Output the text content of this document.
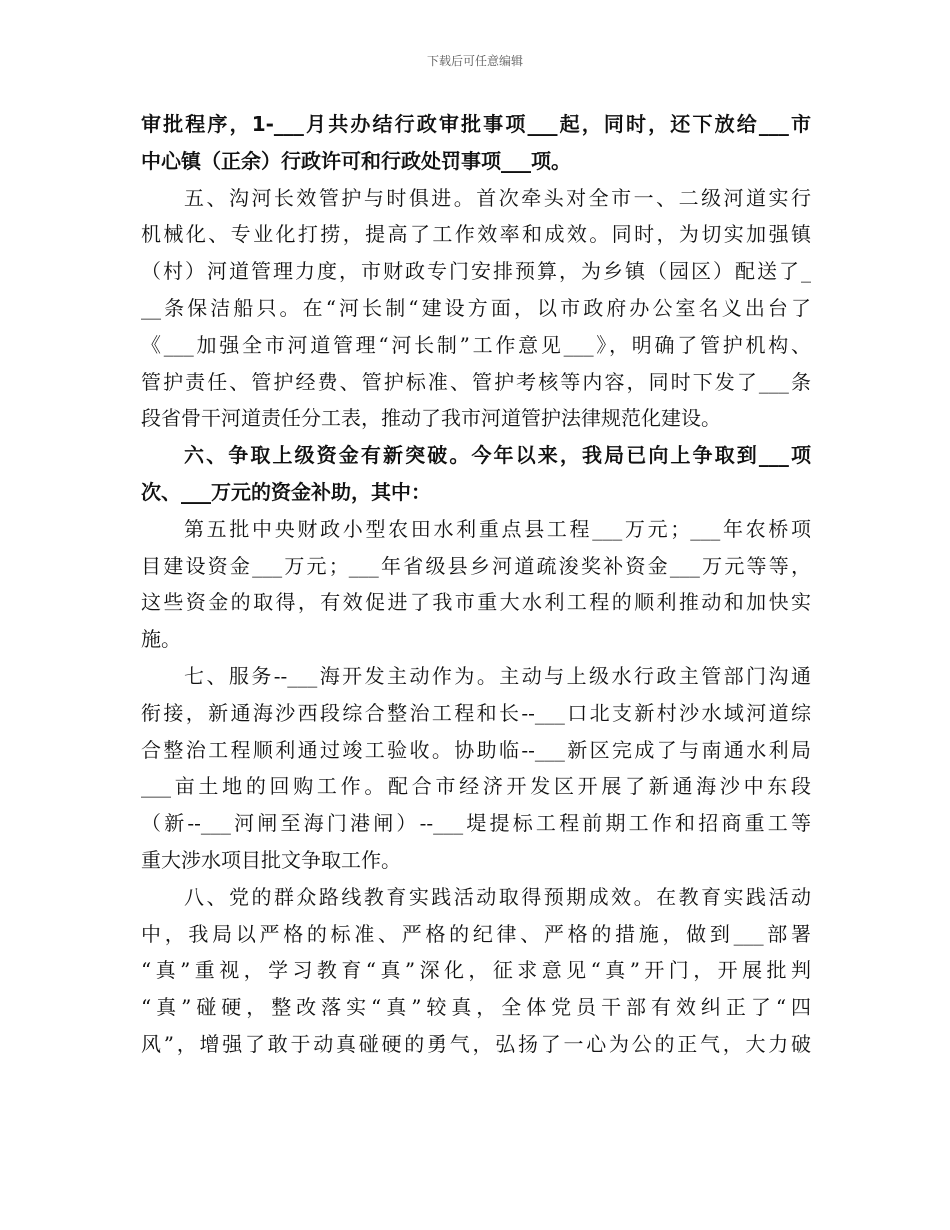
下载后可任意编辑
审批程序，1-___月共办结行政审批事项___起，同时，还下放给___市
中心镇（正余）行政许可和行政处罚事项___项。
五、沟河长效管护与时俱进。首次牵头对全市一、二级河道实行
机械化、专业化打捞，提高了工作效率和成效。同时，为切实加强镇
（村）河道管理力度，市财政专门安排预算，为乡镇（园区）配送了_
__条保洁船只。在“河长制“建设方面，以市政府办公室名义出台了
《___加强全市河道管理“河长制”工作意见___》，明确了管护机构、
管护责任、管护经费、管护标准、管护考核等内容，同时下发了___条
段省骨干河道责任分工表，推动了我市河道管护法律规范化建设。
六、争取上级资金有新突破。今年以来，我局已向上争取到___项
次、___万元的资金补助，其中：
第五批中央财政小型农田水利重点县工程___万元；___年农桥项
目建设资金___万元；___年省级县乡河道疏浚奖补资金___万元等等，
这些资金的取得，有效促进了我市重大水利工程的顺利推动和加快实
施。
七、服务--___海开发主动作为。主动与上级水行政主管部门沟通
衔接，新通海沙西段综合整治工程和长--___口北支新村沙水域河道综
合整治工程顺利通过竣工验收。协助临--___新区完成了与南通水利局
___亩土地的回购工作。配合市经济开发区开展了新通海沙中东段
（新--___河闸至海门港闸）--___堤提标工程前期工作和招商重工等
重大涉水项目批文争取工作。
八、党的群众路线教育实践活动取得预期成效。在教育实践活动
中，我局以严格的标准、严格的纪律、严格的措施，做到___部署
“真”重视，学习教育“真”深化，征求意见“真”开门，开展批判
“真”碰硬，整改落实“真”较真，全体党员干部有效纠正了“四
风”，增强了敢于动真碰硬的勇气，弘扬了一心为公的正气，大力破
